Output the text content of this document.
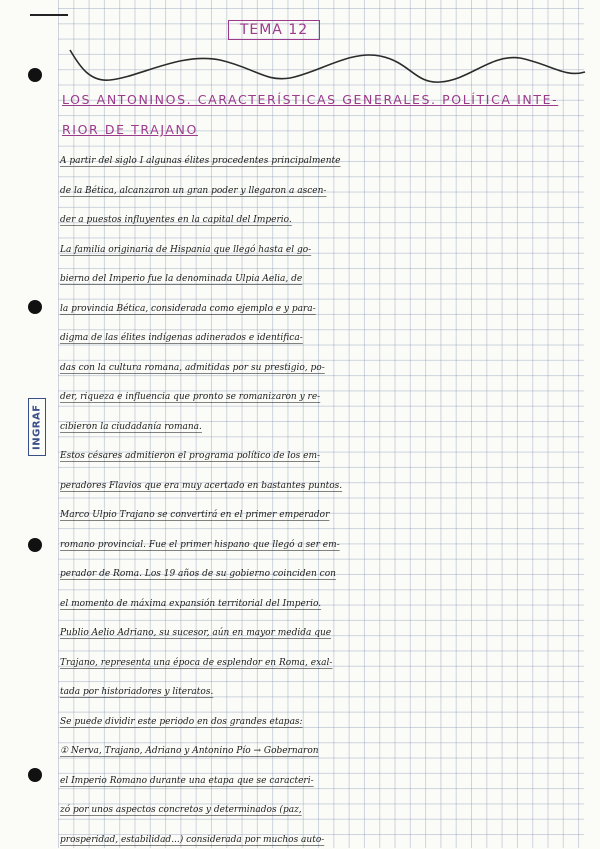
INGRAF
TEMA 12
LOS ANTONINOS. CARACTERÍSTICAS GENERALES. POLÍTICA INTE-
RIOR DE TRAJANO
A partir del siglo I algunas élites procedentes principalmente
de la Bética, alcanzaron un gran poder y llegaron a ascen-
der a puestos influyentes en la capital del Imperio.
La familia originaria de Hispania que llegó hasta el go-
bierno del Imperio fue la denominada Ulpia Aelia, de
la provincia Bética, considerada como ejemplo e y para-
digma de las élites indígenas adinerados e identifica-
das con la cultura romana, admitidas por su prestigio, po-
der, riqueza e influencia que pronto se romanizaron y re-
cibieron la ciudadanía romana.
Estos césares admitieron el programa político de los em-
peradores Flavios que era muy acertado en bastantes puntos.
Marco Ulpio Trajano se convertirá en el primer emperador
romano provincial. Fue el primer hispano que llegó a ser em-
perador de Roma. Los 19 años de su gobierno coinciden con
el momento de máxima expansión territorial del Imperio.
Publio Aelio Adriano, su sucesor, aún en mayor medida que
Trajano, representa una época de esplendor en Roma, exal-
tada por historiadores y literatos.
Se puede dividir este periodo en dos grandes etapas:
① Nerva, Trajano, Adriano y Antonino Pío → Gobernaron
el Imperio Romano durante una etapa que se caracteri-
zó por unos aspectos concretos y determinados (paz,
prosperidad, estabilidad...) considerada por muchos auto-
